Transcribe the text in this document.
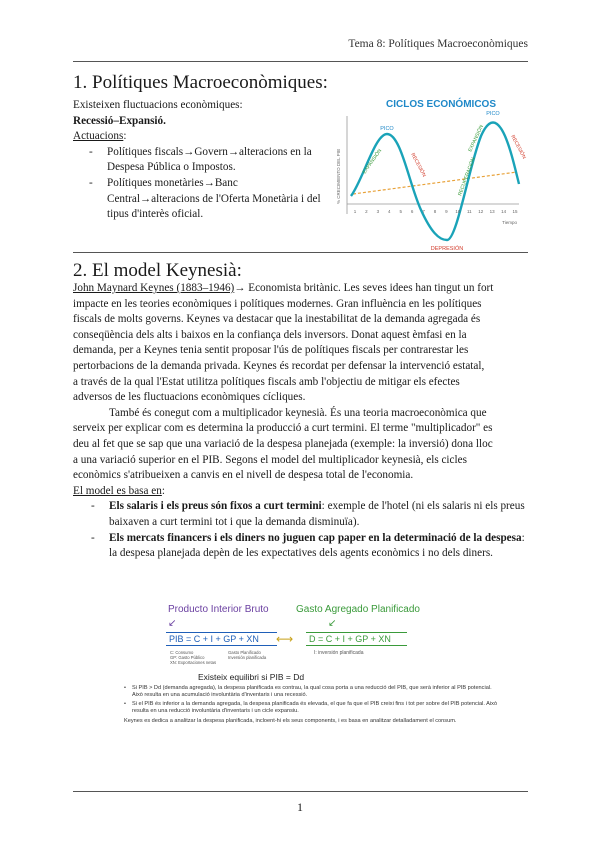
Tema 8: Polítiques Macroeconòmiques
1. Polítiques Macroeconòmiques:
Existeixen fluctuacions econòmiques:
Recessió–Expansió.
Actuacions:
- Polítiques fiscals→Govern→alteracions en la Despesa Pública o Impostos.
- Polítiques monetàries→Banc Central→alteracions de l'Oferta Monetària i del tipus d'interès oficial.
CICLOS ECONÓMICOS
PICO
PICO
DEPRESIÓN
EXPANSIÓN	RECESIÓN	RECUPERACIÓN
EXPANSIÓN	RECESIÓN
% CRECIMIENTO DEL PIB
Tiempo
1 2 3 4 5 6 7 8 9 10 11 12 13 14 15
2. El model Keynesià:
John Maynard Keynes (1883–1946)→ Economista britànic. Les seves idees han tingut un fort
impacte en les teories econòmiques i polítiques modernes. Gran influència en les polítiques
fiscals de molts governs. Keynes va destacar que la inestabilitat de la demanda agregada és
conseqüència dels alts i baixos en la confiança dels inversors. Donat aquest èmfasi en la
demanda, per a Keynes tenia sentit proposar l'ús de polítiques fiscals per contrarestar les
pertorbacions de la demanda privada. Keynes és recordat per defensar la intervenció estatal,
a través de la qual l'Estat utilitza polítiques fiscals amb l'objectiu de mitigar els efectes
adversos de les fluctuacions econòmiques cícliques.
També és conegut com a multiplicador keynesià. És una teoria macroeconòmica que
serveix per explicar com es determina la producció a curt termini. El terme "multiplicador" es
deu al fet que se sap que una variació de la despesa planejada (exemple: la inversió) dona lloc
a una variació superior en el PIB. Segons el model del multiplicador keynesià, els cicles
econòmics s'atribueixen a canvis en el nivell de despesa total de l'economia.
El model es basa en:
- Els salaris i els preus són fixos a curt termini: exemple de l'hotel (ni els salaris ni els preus baixaven a curt termini tot i que la demanda disminuïa).
- Els mercats financers i els diners no juguen cap paper en la determinació de la despesa: la despesa planejada depèn de les expectatives dels agents econòmics i no dels diners.
Producto Interior Bruto	Gasto Agregado Planificado
↙	↙
PIB = C + I + GP + XN	⟷	D = C + I + GP + XN
C: Consumo
GP: Gasto Público
XN: Exportaciones netas
Gasto Planificado
Inversión planificada
I: inversión planificada
Existeix equilibri si PIB = Dd
• Si PIB > Dd (demanda agregada), la despesa planificada es contrau, la qual cosa porta a una reducció del PIB, que serà inferior al PIB potencial. Això resulta en una acumulació involuntària d'inventaris i una recessió.
• Si el PIB és inferior a la demanda agregada, la despesa planificada és elevada, el que fa que el PIB creixi fins i tot per sobre del PIB potencial. Això resulta en una reducció involuntària d'inventaris i un cicle expansiu.
Keynes es dedica a analitzar la despesa planificada, incloent-hi els seus components, i es basa en analitzar detalladament el consum.
1
